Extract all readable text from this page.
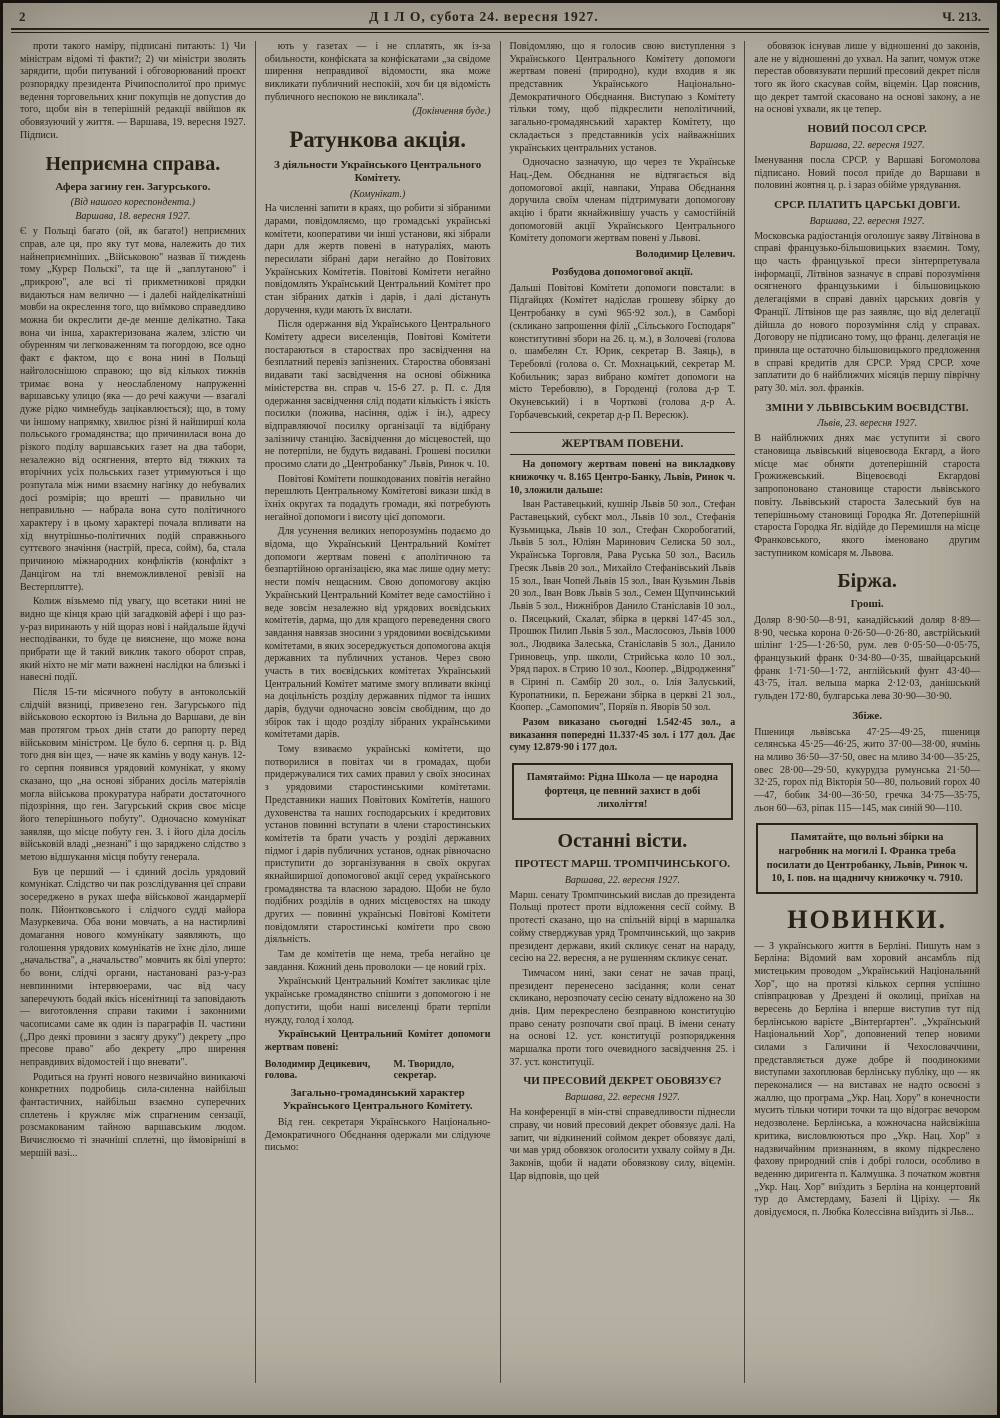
2	Д І Л О, субота 24. вересня 1927.	Ч. 213.

проти такого наміру, підписані питають: 1) Чи міністрам відомі ті факти?; 2) чи міністри зволять зарядити, щоби питуваний і обговорюваний проєкт розпорядку президента Річипосполитої про примус ведення торговельних книг покупців не допустив до того, щоби він в теперішній редакції ввійшов як обовязуючий у життя. — Варшава, 19. вересня 1927. Підписи.

Неприємна справа.
Афера загину ген. Загурського.
(Від нашого кореспондента.)
Варшава, 18. вересня 1927.

Є у Польщі багато (ой, як багато!) неприємних справ, але ця, про яку тут мова, належить до тих найнеприємніших. „Військовою" назвав її тиждень тому „Курєр Польскі", та ще й „заплутаною" і „прикрою", але всі ті прикметникові прядки видаються нам велично — і далебі найделікатніші мовби на окреслення того, що виїмково справедливо можна би окреслити де-де менше делікатно. Така вона чи інша, характеризована жалем, злістю чи обуренням чи легковаженням та погордою, все одно факт є фактом, що є вона нині в Польщі найголоснішою справою; що від кількох тижнів тримає вона у неослабленому напруженні варшавську улицю (яка — до речі кажучи — взагалі дуже рідко чимнебудь зацікавлюється); що, в тому чи іншому напрямку, хвилює різні й найширші кола польського громадянства; що причинилася вона до різкого поділу варшавських газет на два табори, незалежно від осягнення, втерто від тяжких та вторічних усіх польських газет утримуються і що розпутала між ними взаємну нагінку до небувалих досі розмірів; що врешті — правильно чи неправильно — набрала вона суто політичного характеру і в цьому характері почала впливати на хід внутрішньо-політичних подій справжнього суттєвого значіння (настрій, преса, сойм), ба, стала причиною міжнародних конфліктів (конфлікт з Данцігом на тлі внеможливленої ревізії на Вестерплятте).

Колиж візьмемо під увагу, що всетаки нині не видно ще кінця краю цій загадковій афері і що раз-у-раз виринають у ній щораз нові і найдальше йдучі несподіванки, то буде це вияснене, що може вона прибрати ще й такий виклик такого оборот справ, який ніхто не міг мати важнені наслідки на близькі і навесні події.

Після 15-ти місячного побуту в антоколській слідчій вязниці, привезено ген. Загурського під військовою ескортою із Вильна до Варшави, де він мав протягом трьох днів стати до рапорту перед військовим міністром. Це було 6. серпня ц. р. Від того дня він щез, — наче як камінь у воду канув. 12-го серпня появився урядовий комунікат, у якому сказано, що „на основі зібраних досіль матеріялів могла військова прокуратура набрати достаточного підозріння, що ген. Загурський скрив своє місце його теперішнього побуту". Одночасно комунікат заявляв, що місце побуту ген. З. і його діла досіль військовій владі „незнані" і що заряджено слідство з метою відшукання місця побуту генерала.

Був це перший — і єдиний досіль урядовий комунікат. Слідство чи пак розслідування цеї справи зосереджено в руках шефа військової жандармерії полк. Пйонтковського і слідчого судді майора Мазуркевича. Оба вони мовчать, а на настирливі домагання нового комунікату заявляють, що голошення урядових комунікатів не їхнє діло, лише „начальства", а „начальство" мовчить як білі уперто: бо вони, слідчі органи, настановані раз-у-раз невпинними інтервюерами, час від часу заперечують бодай якісь нісенітниці та заповідають — виготовлення справи такими і законними часописами саме як один із параграфів ІІ. частини („Про деякі провини з засягу друку") декрету „про пресове право" або декрету „про ширення неправдивих відомостей і що вневати".

Родиться на ґрунті нового незвичайно виникаючі конкретних подробиць сила-силенна найбільш фантастичних, найбільш взаємно суперечних сплетень і кружляє між спрагненим сензації, розсмакованим тайною варшавським людом. Вичислюємо ті значніші сплетні, що ймовірніші в мершій вазі...

ють у газетах — і не сплатять, як із-за обильности, конфіската за конфіскатами „за свідоме ширення неправдивої відомости, яка може викликати публичний неспокій, хоч би ця відомість публичного неспокою не викликала".

(Докінчення буде.)
Ратункова акція.
З діяльности Українського Центрального Комітету.
(Комунікат.)

На численні запити в краях, що робити зі зібраними дарами, повідомляємо, що громадські українські комітети, кооперативи чи інші установи, які зібрали дари для жертв повені в натураліях, мають пересилати зібрані дари негайно до Повітових Українських Комітетів. Повітові Комітети негайно повідомлять Український Центральний Комітет про стан зібраних датків і дарів, і далі дістануть доручення, куди мають їх вислати.

Після одержання від Українського Центрального Комітету адреси виселенців, Повітові Комітети постараються в староствах про засвідчення на безплатний перевіз запізнених. Староства обовязані видавати такі засвідчення на основі обіжника міністерства вн. справ ч. 15-6 27. р. П. с. Для одержання засвідчення слід подати кількість і якість посилки (пожива, насіння, одіж і ін.), адресу відправляючої посилку організації та відібрану залізничу станцію. Засвідчення до місцевостей, що не потерпіли, не будуть видавані. Грошеві посилки просимо слати до „Центробанку" Львів, Ринок ч. 10.

Повітові Комітети пошкодованих повітів негайно перешлють Центральному Комітетові викази шкід в їхніх округах та подадуть громади, які потребують негайної допомоги і висоту цієї допомоги.

Для усунення великих непорозумінь подаємо до відома, що Український Центральний Комітет допомоги жертвам повені є аполітичною та безпартійною організацією, яка має лише одну мету: нести поміч нещасним. Свою допомогову акцію Український Центральний Комітет веде самостійно і веде зовсім незалежно від урядових воєвідських комітетів, дарма, що для кращого переведення свого завдання навязав зносини з урядовими воєвідськими комітетами, в яких зосереджується допомогова акція державних та публичних установ. Через свою участь в тих воєвідських комітетах Український Центральний Комітет матиме змогу впливати вкінці на доцільність розділу державних підмог та інших дарів, будучи одночасно зовсім свобідним, що до збірок так і щодо розділу зібраних українськими комітетами дарів.

Тому взиваємо українські комітети, що потворилися в повітах чи в громадах, щоби придержувалися тих самих правил у своїх зносинах з урядовими старостинськими комітетами. Представники наших Повітових Комітетів, нашого духовенства та наших господарських і кредитових установ повинні вступати в члени старостинських комітетів та брати участь у розділі державних підмог і дарів публичних установ, однак рівночасно приступити до зорганізування в своїх округах якнайширшої допомогової акції серед українського громадянства та власною зарадою. Щоби не було подібних розділів в одних місцевостях на шкоду других — повинні українські Повітові Комітети повідомляти старостинські комітети про свою діяльність.

Там де комітетів ще нема, треба негайно це завдання. Кожний день проволоки — це новий гріх.

Український Центральний Комітет закликає ціле українське громадянство спішити з допомогою і не допустити, щоби наші виселенці брати терпіли нужду, голод і холод.

Український Центральний Комітет допомоги жертвам повені:

Володимир Децикевич, голова.
М. Творидло, секретар.
Загально-громадянський характер Українського Центрального Комітету.

Від ген. секретаря Українського Національно-Демократичного Обєднання одержали ми слідуюче письмо:

Повідомляю, що я голосив свою виступлення з Українського Центрального Комітету допомоги жертвам повені (природно), куди входив я як представник Українського Національно-Демократичного Обєднання. Виступаю з Комітету тільки тому, щоб підкреслити неполітичний, загально-громадянський характер Комітету, що складається з представників усіх найважніших українських центральних установ.

Одночасно зазначую, що через те Українське Нац.-Дем. Обєднання не відтягається від допомогової акції, навпаки, Управа Обєднання доручила своїм членам підтримувати допомогову акцію і брати якнайживішу участь у самостійній допомоговій акції Українського Центрального Комітету допомоги жертвам повені у Львові.

Володимир Целевич.
Розбудова допомогової акції.

Дальші Повітові Комітети допомоги повстали: в Підгайцях (Комітет надіслав грошеву збірку до Центробанку в сумі 965·92 зол.), в Самборі (скликано запрошення філії „Сільського Господаря" конститутивні збори на 26. ц. м.), в Золочеві (голова о. шамбелян Ст. Юрик, секретар В. Заяць), в Теребовлі (голова о. Ст. Мохнацький, секретар М. Кобильник; зараз вибрано комітет допомоги на місто Теребовлю), в Городенці (голова д-р Т. Окуневський) і в Чорткові (голова д-р А. Горбачевський, секретар д-р П. Вересюк).

ЖЕРТВАМ ПОВЕНИ.

На допомогу жертвам повені на викладкову книжочку ч. 8.165 Центро-Банку, Львів, Ринок ч. 10, зложили дальше:

Іван Раставецький, кушнір Львів 50 зол., Стефан Раставецький, субєкт мол., Львів 10 зол., Стефанія Кузьмицька, Львів 10 зол., Стефан Скоробогатий, Львів 5 зол., Юліян Маринович Селиска 50 зол., Українська Торговля, Рава Руська 50 зол., Василь Гресяк Львів 20 зол., Михайло Стефанівський Львів 15 зол., Іван Чопей Львів 15 зол., Іван Кузьмин Львів 20 зол., Іван Вовк Львів 5 зол., Семен Щупчинський Львів 5 зол., Нижнібров Данило Станіславів 10 зол., о. Пясецький, Скалат, збірка в церкві 147·45 зол., Прошюк Пилип Львів 5 зол., Маслосоюз, Львів 1000 зол., Людвика Залеська, Станіславів 5 зол., Данило Гриновець, упр. школи, Стрийська коло 10 зол., Уряд парох. в Стрию 10 зол., Коопер. „Відродження" в Сірині п. Самбір 20 зол., о. Ілія Залуський, Куропатники, п. Бережани збірка в церкві 21 зол., Коопер. „Самопомич", Поряїв п. Яворів 50 зол.

Разом виказано сьогодні 1.542·45 зол., а виказання попередні 11.337·45 зол. і 177 дол. Дає суму 12.879·90 і 177 дол.

Памятаймо: Рідна Школа — це народна фортеця, це певний захист в добі лихоліття!
Останні вісти.
ПРОТЕСТ МАРШ. ТРОМПЧИНСЬКОГО.
Варшава, 22. вересня 1927.

Марш. сенату Тромпчинський вислав до президента Польщі протест проти відложення сесії сойму. В протесті сказано, що на спільній вірці в маршалка сойму стверджував уряд Тромпчинський, що закрив президент держави, який скликує сенат на нараду, сесію на 22. вересня, а не рушенням скликує сенат.

Тимчасом нині, заки сенат не зачав праці, президент перенесено засідання; коли сенат скликано, нерозпочату сесію сенату відложено на 30 днів. Цим перекреслено безправною конституцію право сенату розпочати свої праці. В імени сенату на основі 12. уст. конституції розпорядження маршалка проти того очевидного засвідчення 25. і 37. уст. конституції.

ЧИ ПРЕСОВИЙ ДЕКРЕТ ОБОВЯЗУЄ?
Варшава, 22. вересня 1927.

На конференції в мін-стві справедливости піднесли справу, чи новий пресовий декрет обовязує далі. На запит, чи відкинений соймом декрет обовязує далі, чи мав уряд обовязок оголосити ухвалу сойму в Дн. Законів, щоби й надати обовязкову силу, віцемін. Цар відповів, що цей

обовязок існував лише у відношенні до законів, але не у відношенні до ухвал. На запит, чомуж отже перестав обовязувати перший пресовий декрет після того як його скасував сойм, віцемін. Цар пояснив, що декрет тамтой скасовано на основі закону, а не на основі ухвали, як це тепер.

НОВИЙ ПОСОЛ СРСР.
Варшава, 22. вересня 1927.

Іменування посла СРСР. у Варшаві Богомолова підписано. Новий посол приїде до Варшави в половині жовтня ц. р. і зараз обійме урядування.

СРСР. ПЛАТИТЬ ЦАРСЬКІ ДОВГИ.
Варшава, 22. вересня 1927.

Московська радіостанція оголошує заяву Літвінова в справі французько-більшовицьких взаємин. Тому, що часть французької преси зінтерпретувала інформації, Літвінов зазначує в справі порозуміння осягненого французькими і більшовицькою делегаціями в справі давніх царських довгів у Франції. Літвінов ще раз заявляє, що від делегації дійшла до нового порозуміння слід у справах. Договору не підписано тому, що франц. делегація не приняла ще остаточно більшовицького предложення в справі кредитів для СРСР. Уряд СРСР. хоче заплатити до 6 найближчих місяців першу піврічну рату 30. міл. зол. франків.

ЗМІНИ У ЛЬВІВСЬКИМ ВОЄВІДСТВІ.
Львів, 23. вересня 1927.

В найближчих днях має уступити зі свого становища львівський віцевоєвода Екгард, а його місце має обняти дотеперішній староста Грожижевський. Віцевоєводі Екгардові запропоновано становище старости львівського повіту. Львівський староста Залеський був на теперішньому становищі Городка Яг. Дотеперішній староста Городка Яг. відійде до Перемишля на місце Франковського, якого іменовано другим заступником комісаря м. Львова.

Біржа.
Гроші.

Доляр 8·90·50—8·91, канадійський доляр 8·89—8·90, чеська корона 0·26·50—0·26·80, австрійський шілінг 1·25—1·26·50, рум. лев 0·05·50—0·05·75, французький франк 0·34·80—0·35, швайцарський франк 1·71·50—1·72, англійський фунт 43·40—43·75, італ. вельша марка 2·12·03, данішський гульден 172·80, булгарська лева 30·90—30·90.

Збіже.

Пшениця львівська 47·25—49·25, пшениця селянська 45·25—46·25, жито 37·00—38·00, ячмінь на мливо 36·50—37·50, овес на мливо 34·00—35·25, овес 28·00—29·50, кукурудза румунська 21·50—32·25, горох під Вікторія 50—80, польовий горох 40—47, бобик 34·00—36·50, гречка 34·75—35·75, льон 60—63, ріпак 115—145, мак синій 90—110.

Памятайте, що вольні збірки на нагробник на могилі І. Франка треба посилати до Центробанку, Львів, Ринок ч. 10, І. пов. на щадничу книжочку ч. 7910.
НОВИНКИ.

— З українського життя в Берліні. Пишуть нам з Берліна: Відомий вам хоровий ансамбль під мистецьким проводом „Український Національний Хор", що на протязі кількох серпня успішно співпрацював у Дрездені й околиці, приїхав на вересень до Берліна і вперше виступив тут під берлінською варієте „Вінтерґартен". „Український Національний Хор", доповнений тепер новими силами з Галичини й Чехословаччини, представляється дуже добре й поодинокими виступами захоплював берлінську публіку, що — як переконалися — на виставах не надто освоєні з жаллю, що програма „Укр. Нац. Хору" в конечности мусить тільки чотири точки та що відограє вечором недозволене. Берлінська, а кожночасна найсвіжіша критика, висловлюються про „Укр. Нац. Хор" з надзвичайним признанням, в якому підкреслено фахову природний спів і добрі голоси, особливо в веденню диригента п. Калмушка. З початком жовтня „Укр. Нац. Хор" виїздить з Берліна на концертовий тур до Амстердаму, Базелі й Ціріху. — Як довідуємося, п. Любка Колессівна виїздить зі Льв...
